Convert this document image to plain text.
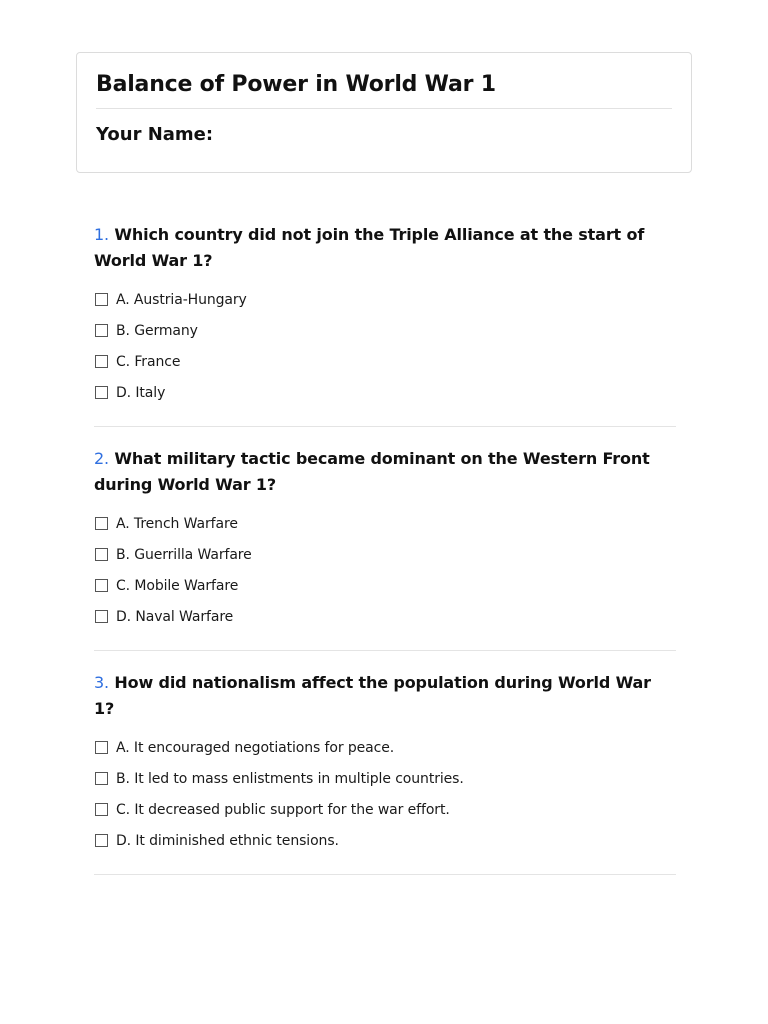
Balance of Power in World War 1
Your Name:

1. Which country did not join the Triple Alliance at the start of World War 1?

A. Austria-Hungary
B. Germany
C. France
D. Italy

2. What military tactic became dominant on the Western Front during World War 1?

A. Trench Warfare
B. Guerrilla Warfare
C. Mobile Warfare
D. Naval Warfare

3. How did nationalism affect the population during World War 1?

A. It encouraged negotiations for peace.
B. It led to mass enlistments in multiple countries.
C. It decreased public support for the war effort.
D. It diminished ethnic tensions.
